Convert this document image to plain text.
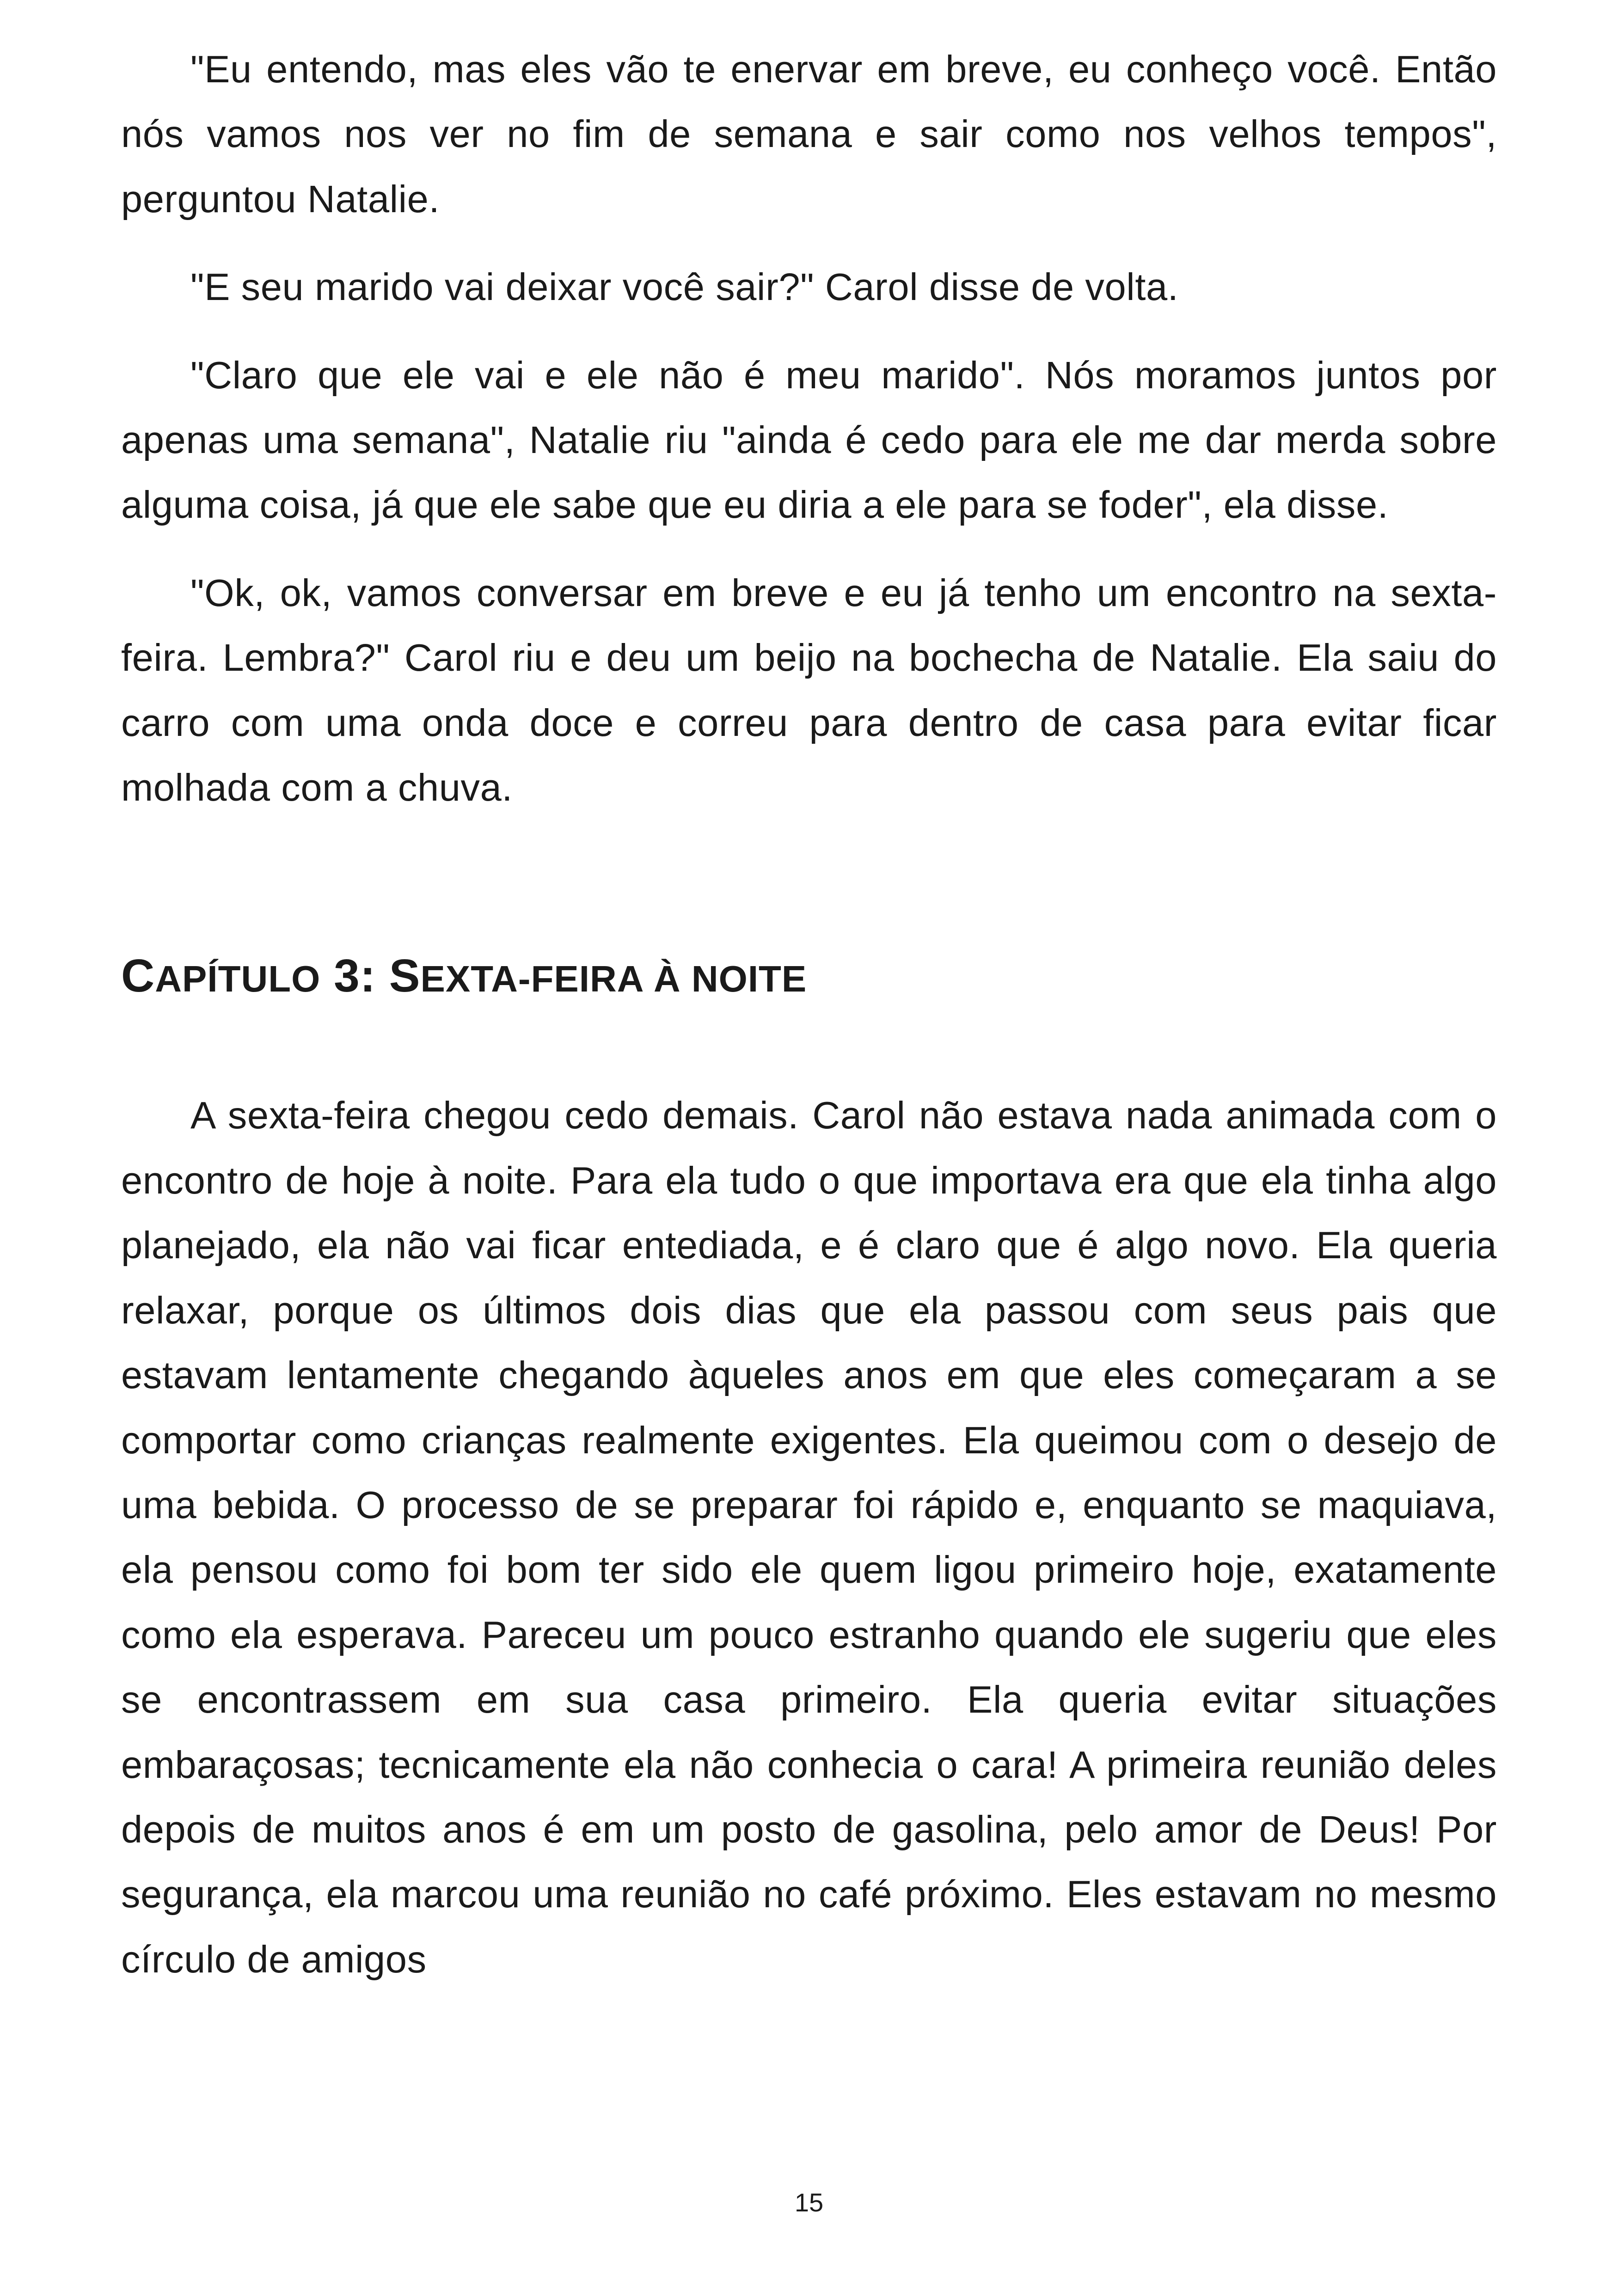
"Eu entendo, mas eles vão te enervar em breve, eu conheço você. Então nós vamos nos ver no fim de semana e sair como nos velhos tempos", perguntou Natalie.

"E seu marido vai deixar você sair?" Carol disse de volta.

"Claro que ele vai e ele não é meu marido". Nós moramos juntos por apenas uma semana", Natalie riu "ainda é cedo para ele me dar merda sobre alguma coisa, já que ele sabe que eu diria a ele para se foder", ela disse.

"Ok, ok, vamos conversar em breve e eu já tenho um encontro na sexta-feira. Lembra?" Carol riu e deu um beijo na bochecha de Natalie. Ela saiu do carro com uma onda doce e correu para dentro de casa para evitar ficar molhada com a chuva.

CAPÍTULO 3: SEXTA-FEIRA À NOITE

A sexta-feira chegou cedo demais. Carol não estava nada animada com o encontro de hoje à noite. Para ela tudo o que importava era que ela tinha algo planejado, ela não vai ficar entediada, e é claro que é algo novo. Ela queria relaxar, porque os últimos dois dias que ela passou com seus pais que estavam lentamente chegando àqueles anos em que eles começaram a se comportar como crianças realmente exigentes. Ela queimou com o desejo de uma bebida. O processo de se preparar foi rápido e, enquanto se maquiava, ela pensou como foi bom ter sido ele quem ligou primeiro hoje, exatamente como ela esperava. Pareceu um pouco estranho quando ele sugeriu que eles se encontrassem em sua casa primeiro. Ela queria evitar situações embaraçosas; tecnicamente ela não conhecia o cara! A primeira reunião deles depois de muitos anos é em um posto de gasolina, pelo amor de Deus! Por segurança, ela marcou uma reunião no café próximo. Eles estavam no mesmo círculo de amigos

15
